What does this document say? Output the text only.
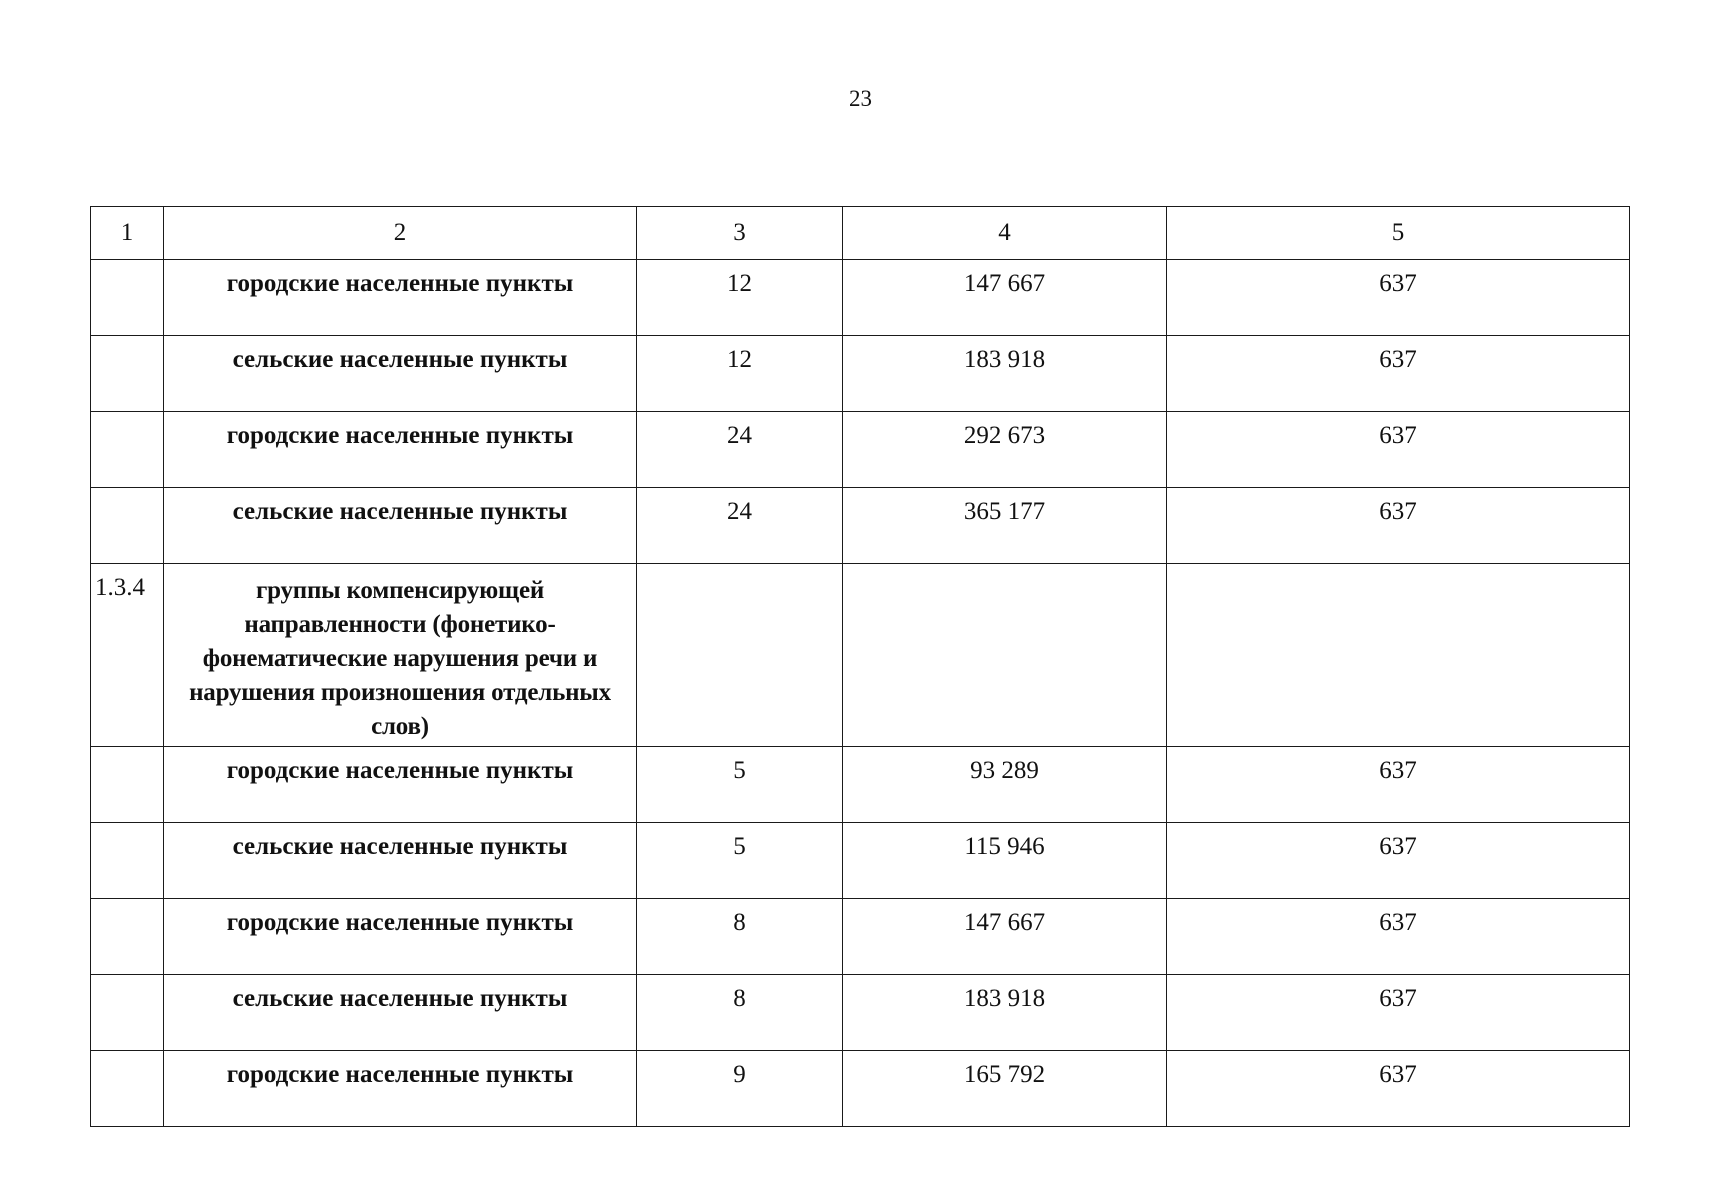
23
1	2	3	4	5

	городские населенные пункты	12	147 667	637

	сельские населенные пункты	12	183 918	637

	городские населенные пункты	24	292 673	637

	сельские населенные пункты	24	365 177	637

1.3.4	группы компенсирующей направленности (фонетико-фонематические нарушения речи и нарушения произношения отдельных слов)			

	городские населенные пункты	5	93 289	637

	сельские населенные пункты	5	115 946	637

	городские населенные пункты	8	147 667	637

	сельские населенные пункты	8	183 918	637

	городские населенные пункты	9	165 792	637
